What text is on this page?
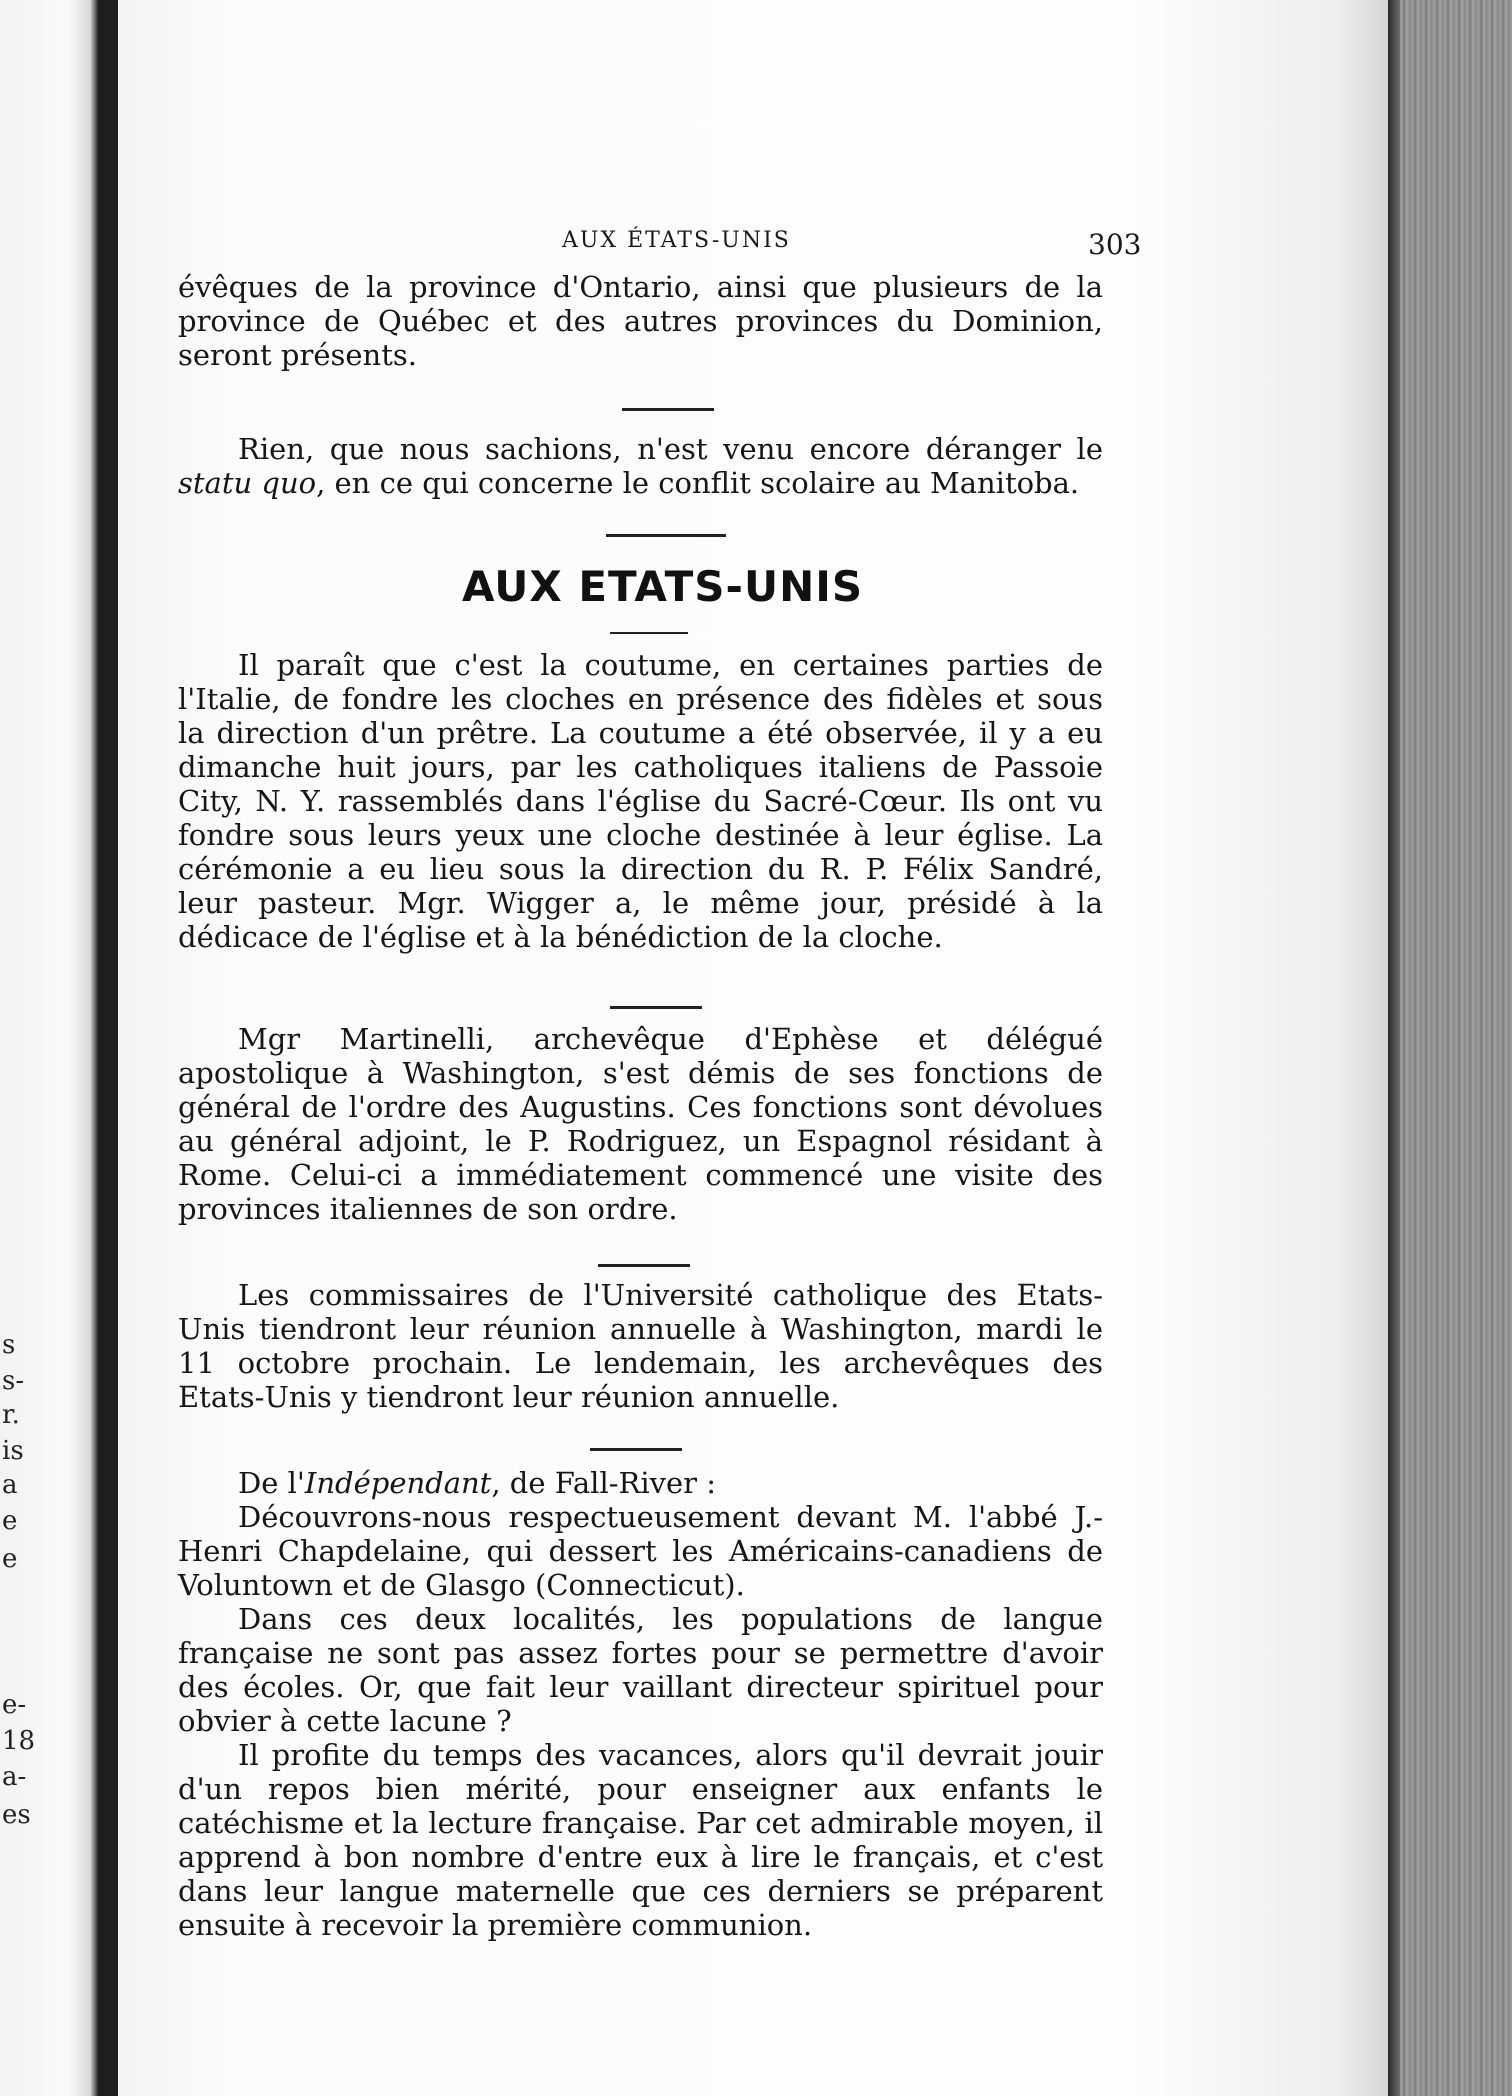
s
s-
r.
is
a
e
e
e-
18
a-
es
AUX ÉTATS-UNIS	303

évêques de la province d'Ontario, ainsi que plusieurs de la province de Québec et des autres provinces du Dominion, seront présents.

Rien, que nous sachions, n'est venu encore déranger le statu quo, en ce qui concerne le conflit scolaire au Manitoba.

AUX ETATS-UNIS

Il paraît que c'est la coutume, en certaines parties de l'Italie, de fondre les cloches en présence des fidèles et sous la direction d'un prêtre. La coutume a été observée, il y a eu dimanche huit jours, par les catholiques italiens de Passoie City, N. Y. rassemblés dans l'église du Sacré-Cœur. Ils ont vu fondre sous leurs yeux une cloche destinée à leur église. La cérémonie a eu lieu sous la direction du R. P. Félix Sandré, leur pasteur. Mgr. Wigger a, le même jour, présidé à la dédicace de l'église et à la bénédiction de la cloche.

Mgr Martinelli, archevêque d'Ephèse et délégué apostolique à Washington, s'est démis de ses fonctions de général de l'ordre des Augustins. Ces fonctions sont dévolues au général adjoint, le P. Rodriguez, un Espagnol résidant à Rome. Celui-ci a immédiatement commencé une visite des provinces italiennes de son ordre.

Les commissaires de l'Université catholique des Etats-Unis tiendront leur réunion annuelle à Washington, mardi le 11 octobre prochain. Le lendemain, les archevêques des Etats-Unis y tiendront leur réunion annuelle.

De l'Indépendant, de Fall-River :

Découvrons-nous respectueusement devant M. l'abbé J.-Henri Chapdelaine, qui dessert les Américains-canadiens de Voluntown et de Glasgo (Connecticut).

Dans ces deux localités, les populations de langue française ne sont pas assez fortes pour se permettre d'avoir des écoles. Or, que fait leur vaillant directeur spirituel pour obvier à cette lacune ?

Il profite du temps des vacances, alors qu'il devrait jouir d'un repos bien mérité, pour enseigner aux enfants le catéchisme et la lecture française. Par cet admirable moyen, il apprend à bon nombre d'entre eux à lire le français, et c'est dans leur langue maternelle que ces derniers se préparent ensuite à recevoir la première communion.
